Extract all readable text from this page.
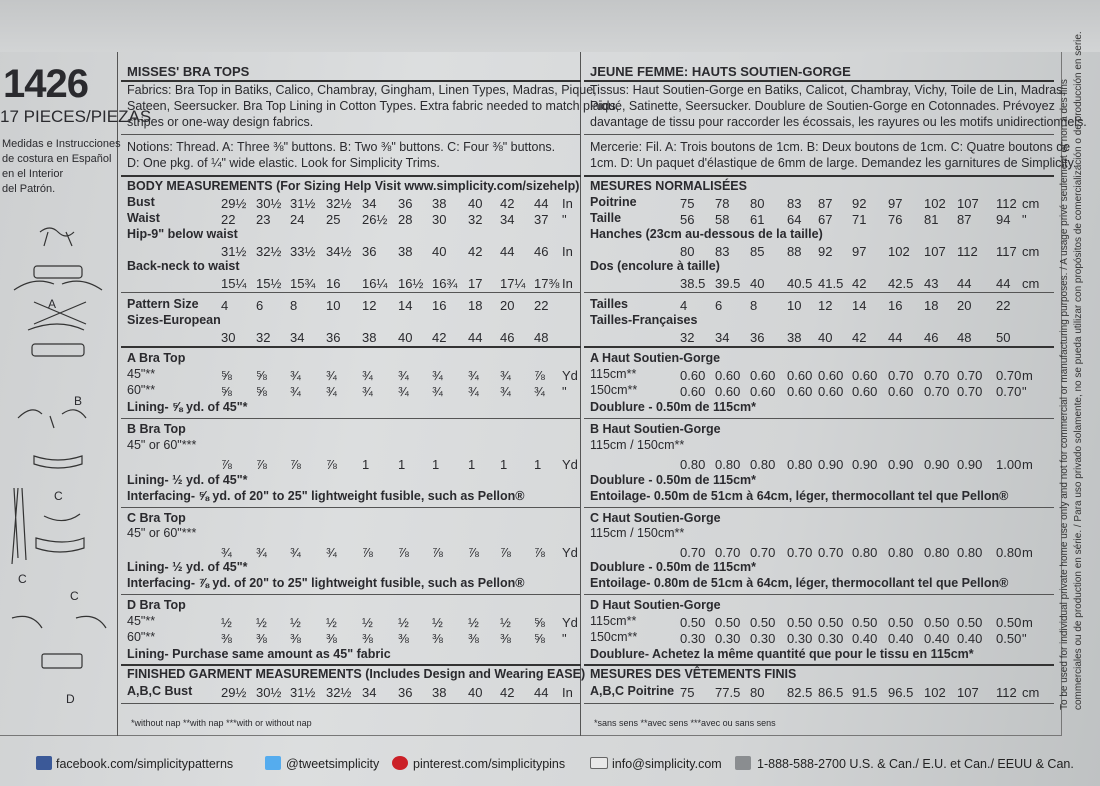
1426
17 PIECES/PIEZAS
Medidas e Instrucciones
de costura en Español
en el Interior
del Patrón.
A
B
C
C
C
D
MISSES' BRA TOPS
Fabrics: Bra Top in Batiks, Calico, Chambray, Gingham, Linen Types, Madras, Pique,
Sateen, Seersucker. Bra Top Lining in Cotton Types. Extra fabric needed to match plaids,
stripes or one-way design fabrics.
Notions: Thread. A: Three ⅜" buttons. B: Two ⅜" buttons. C: Four ⅜" buttons.
D: One pkg. of ¼" wide elastic. Look for Simplicity Trims.
BODY MEASUREMENTS (For Sizing Help Visit www.simplicity.com/sizehelp)
Bust	29½ 30½ 31½ 32½ 34 36 38 40 42 44 In
Waist	22 23 24 25 26½ 28 30 32 34 37 "
Hip-9" below waist
31½ 32½ 33½ 34½ 36 38 40 42 44 46 In
Back-neck to waist
15¼ 15½ 15¾ 16 16¼ 16½ 16¾ 17 17¼ 17⅜ In
Pattern Size 4 6 8 10 12 14 16 18 20 22
Sizes-European
30 32 34 36 38 40 42 44 46 48
A Bra Top
45"**	⅝ ⅝ ¾ ¾ ¾ ¾ ¾ ¾ ¾ ⅞ Yd
60"**	⅝ ⅝ ¾ ¾ ¾ ¾ ¾ ¾ ¾ ¾ "
Lining- ⅝ yd. of 45"*
B Bra Top
45" or 60"***
⅞ ⅞ ⅞ ⅞ 1 1 1 1 1 1 Yd
Lining- ½ yd. of 45"*
Interfacing- ⅝ yd. of 20" to 25" lightweight fusible, such as Pellon®
C Bra Top
45" or 60"***
¾ ¾ ¾ ¾ ⅞ ⅞ ⅞ ⅞ ⅞ ⅞ Yd
Lining- ½ yd. of 45"*
Interfacing- ⅞ yd. of 20" to 25" lightweight fusible, such as Pellon®
D Bra Top
45"**	½ ½ ½ ½ ½ ½ ½ ½ ½ ⅝ Yd
60"**	⅜ ⅜ ⅜ ⅜ ⅜ ⅜ ⅜ ⅜ ⅜ ⅝ "
Lining- Purchase same amount as 45" fabric
FINISHED GARMENT MEASUREMENTS (Includes Design and Wearing EASE)
A,B,C Bust 29½ 30½ 31½ 32½ 34 36 38 40 42 44 In
*without nap **with nap ***with or without nap
JEUNE FEMME: HAUTS SOUTIEN-GORGE
Tissus: Haut Soutien-Gorge en Batiks, Calicot, Chambray, Vichy, Toile de Lin, Madras,
Piqué, Satinette, Seersucker. Doublure de Soutien-Gorge en Cotonnades. Prévoyez
davantage de tissu pour raccorder les écossais, les rayures ou les motifs unidirectionnels.
Mercerie: Fil. A: Trois boutons de 1cm. B: Deux boutons de 1cm. C: Quatre boutons de
1cm. D: Un paquet d'élastique de 6mm de large. Demandez les garnitures de Simplicity.
MESURES NORMALISÉES
Poitrine	75 78 80 83 87 92 97 102 107 112 cm
Taille	56 58 61 64 67 71 76 81 87 94 "
Hanches (23cm au-dessous de la taille)
80 83 85 88 92 97 102 107 112 117 cm
Dos (encolure à taille)
38.5 39.5 40 40.5 41.5 42 42.5 43 44 44 cm
Tailles	4 6 8 10 12 14 16 18 20 22
Tailles-Françaises
32 34 36 38 40 42 44 46 48 50
A Haut Soutien-Gorge
115cm**	0.60 0.60 0.60 0.60 0.60 0.60 0.70 0.70 0.70 0.70 m
150cm**	0.60 0.60 0.60 0.60 0.60 0.60 0.60 0.70 0.70 0.70 "
Doublure - 0.50m de 115cm*
B Haut Soutien-Gorge
115cm / 150cm**
0.80 0.80 0.80 0.80 0.90 0.90 0.90 0.90 0.90 1.00 m
Doublure - 0.50m de 115cm*
Entoilage- 0.50m de 51cm à 64cm, léger, thermocollant tel que Pellon®
C Haut Soutien-Gorge
115cm / 150cm**
0.70 0.70 0.70 0.70 0.70 0.80 0.80 0.80 0.80 0.80 m
Doublure - 0.50m de 115cm*
Entoilage- 0.80m de 51cm à 64cm, léger, thermocollant tel que Pellon®
D Haut Soutien-Gorge
115cm**	0.50 0.50 0.50 0.50 0.50 0.50 0.50 0.50 0.50 0.50 m
150cm**	0.30 0.30 0.30 0.30 0.30 0.40 0.40 0.40 0.40 0.50 "
Doublure- Achetez la même quantité que pour le tissu en 115cm*
MESURES DES VÊTEMENTS FINIS
A,B,C Poitrine 75 77.5 80 82.5 86.5 91.5 96.5 102 107 112 cm
*sans sens **avec sens ***avec ou sans sens
To be used for individual private home use only and not for commercial or manufacturing purposes. / A usage privé seulement et non à des fins commerciales ou de production en série. / Para uso privado solamente, no se pueda utilizar con propósitos de comercialización o de producción en serie.
facebook.com/simplicitypatterns	@tweetsimplicity	pinterest.com/simplicitypins	info@simplicity.com	1-888-588-2700 U.S. & Can./ E.U. et Can./ EEUU & Can.
